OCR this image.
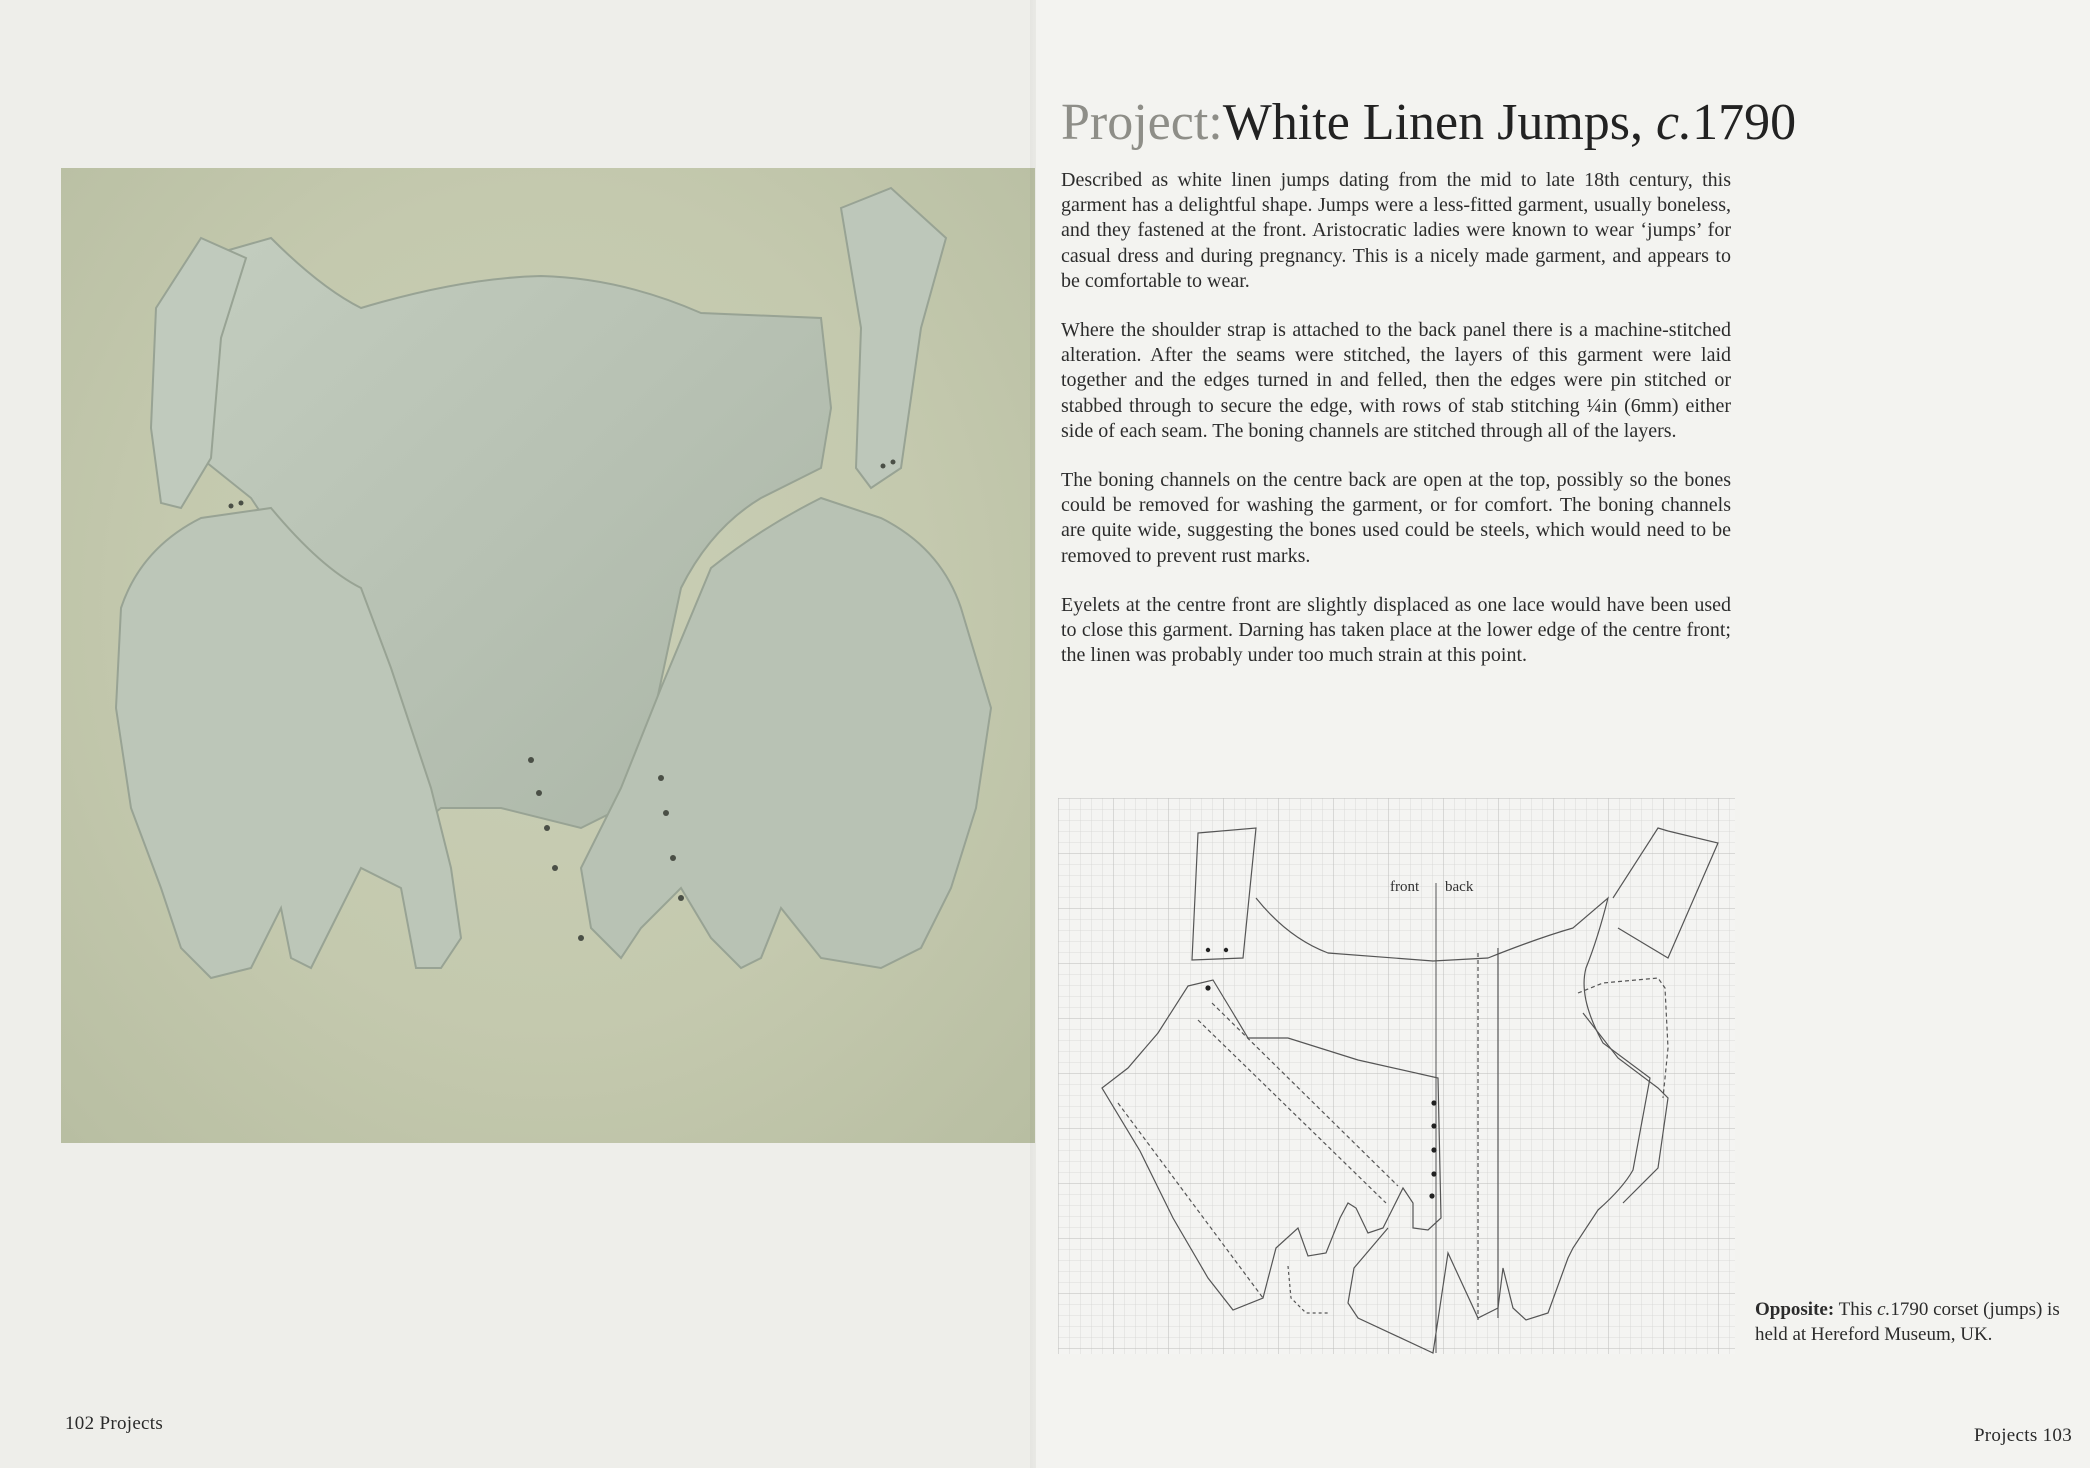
102 Projects
Project:White Linen Jumps, c.1790

Described as white linen jumps dating from the mid to late 18th century, this garment has a delightful shape. Jumps were a less-fitted garment, usually boneless, and they fastened at the front. Aristocratic ladies were known to wear ‘jumps’ for casual dress and during pregnancy. This is a nicely made garment, and appears to be comfortable to wear.

Where the shoulder strap is attached to the back panel there is a machine-stitched alteration. After the seams were stitched, the layers of this garment were laid together and the edges turned in and felled, then the edges were pin stitched or stabbed through to secure the edge, with rows of stab stitching ¼in (6mm) either side of each seam. The boning channels are stitched through all of the layers.

The boning channels on the centre back are open at the top, possibly so the bones could be removed for washing the garment, or for comfort. The boning channels are quite wide, suggesting the bones used could be steels, which would need to be removed to prevent rust marks.

Eyelets at the centre front are slightly displaced as one lace would have been used to close this garment. Darning has taken place at the lower edge of the centre front; the linen was probably under too much strain at this point.

front back
Opposite: This c.1790 corset (jumps) is held at Hereford Museum, UK.
Projects 103
